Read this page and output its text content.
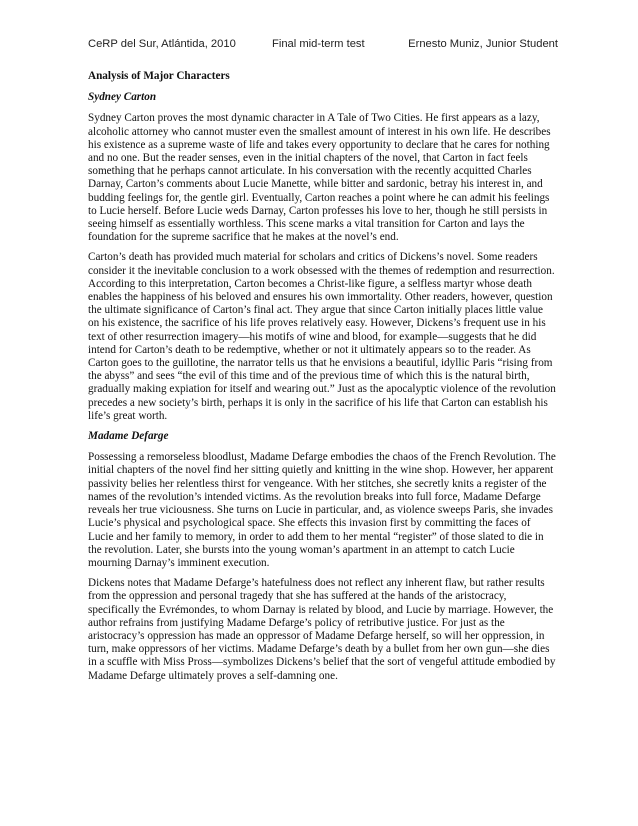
CeRP del Sur, Atlántida, 2010	Final mid-term test	Ernesto Muniz, Junior Student
Analysis of Major Characters
Sydney Carton

Sydney Carton proves the most dynamic character in A Tale of Two Cities. He first appears as a lazy, alcoholic attorney who cannot muster even the smallest amount of interest in his own life. He describes his existence as a supreme waste of life and takes every opportunity to declare that he cares for nothing and no one. But the reader senses, even in the initial chapters of the novel, that Carton in fact feels something that he perhaps cannot articulate. In his conversation with the recently acquitted Charles Darnay, Carton’s comments about Lucie Manette, while bitter and sardonic, betray his interest in, and budding feelings for, the gentle girl. Eventually, Carton reaches a point where he can admit his feelings to Lucie herself. Before Lucie weds Darnay, Carton professes his love to her, though he still persists in seeing himself as essentially worthless. This scene marks a vital transition for Carton and lays the foundation for the supreme sacrifice that he makes at the novel’s end.

Carton’s death has provided much material for scholars and critics of Dickens’s novel. Some readers consider it the inevitable conclusion to a work obsessed with the themes of redemption and resurrection. According to this interpretation, Carton becomes a Christ-like figure, a selfless martyr whose death enables the happiness of his beloved and ensures his own immortality. Other readers, however, question the ultimate significance of Carton’s final act. They argue that since Carton initially places little value on his existence, the sacrifice of his life proves relatively easy. However, Dickens’s frequent use in his text of other resurrection imagery—his motifs of wine and blood, for example—suggests that he did intend for Carton’s death to be redemptive, whether or not it ultimately appears so to the reader. As Carton goes to the guillotine, the narrator tells us that he envisions a beautiful, idyllic Paris “rising from the abyss” and sees “the evil of this time and of the previous time of which this is the natural birth, gradually making expiation for itself and wearing out.” Just as the apocalyptic violence of the revolution precedes a new society’s birth, perhaps it is only in the sacrifice of his life that Carton can establish his life’s great worth.

Madame Defarge

Possessing a remorseless bloodlust, Madame Defarge embodies the chaos of the French Revolution. The initial chapters of the novel find her sitting quietly and knitting in the wine shop. However, her apparent passivity belies her relentless thirst for vengeance. With her stitches, she secretly knits a register of the names of the revolution’s intended victims. As the revolution breaks into full force, Madame Defarge reveals her true viciousness. She turns on Lucie in particular, and, as violence sweeps Paris, she invades Lucie’s physical and psychological space. She effects this invasion first by committing the faces of Lucie and her family to memory, in order to add them to her mental “register” of those slated to die in the revolution. Later, she bursts into the young woman’s apartment in an attempt to catch Lucie mourning Darnay’s imminent execution.

Dickens notes that Madame Defarge’s hatefulness does not reflect any inherent flaw, but rather results from the oppression and personal tragedy that she has suffered at the hands of the aristocracy, specifically the Evrémondes, to whom Darnay is related by blood, and Lucie by marriage. However, the author refrains from justifying Madame Defarge’s policy of retributive justice. For just as the aristocracy’s oppression has made an oppressor of Madame Defarge herself, so will her oppression, in turn, make oppressors of her victims. Madame Defarge’s death by a bullet from her own gun—she dies in a scuffle with Miss Pross—symbolizes Dickens’s belief that the sort of vengeful attitude embodied by Madame Defarge ultimately proves a self-damning one.
